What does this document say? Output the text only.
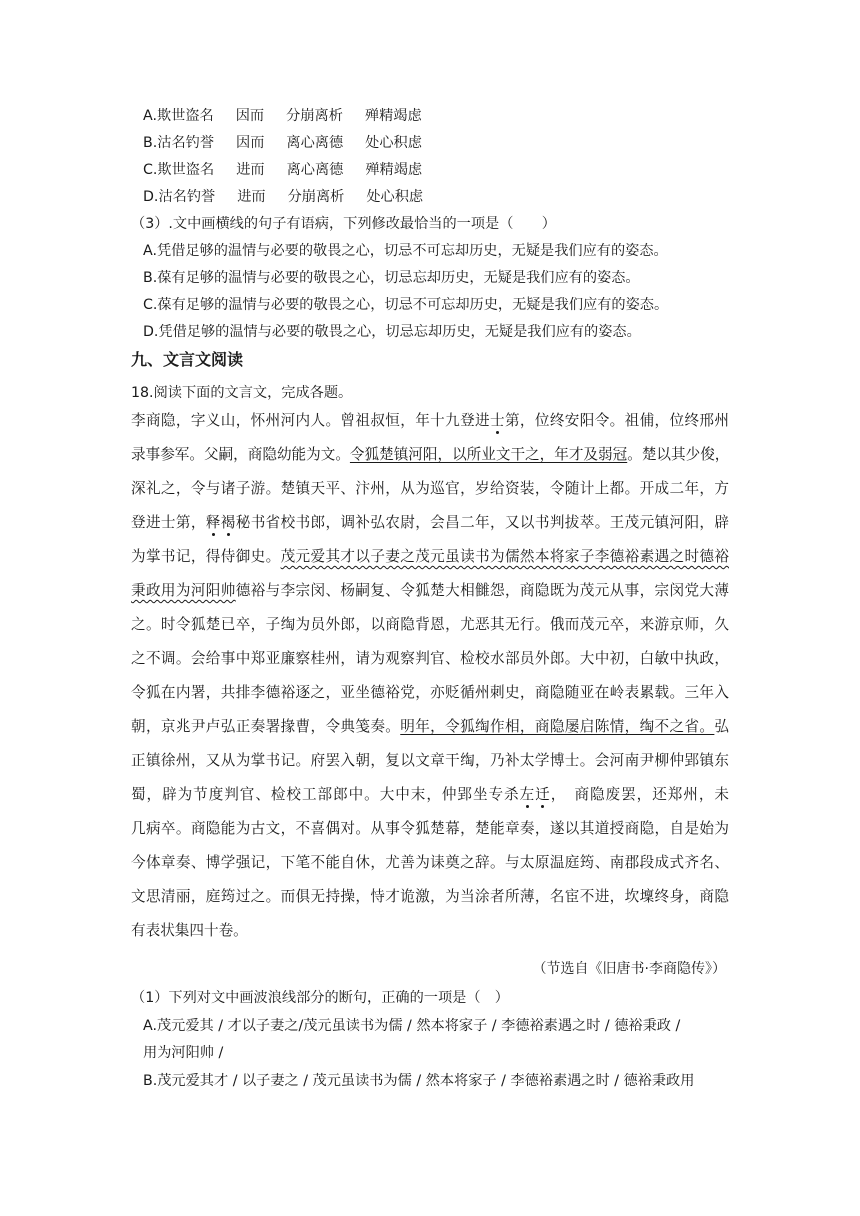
A.欺世盗名 因而 分崩离析 殚精竭虑
B.沽名钓誉 因而 离心离德 处心积虑
C.欺世盗名 进而 离心离德 殚精竭虑
D.沽名钓誉 进而 分崩离析 处心积虑
（3）.文中画横线的句子有语病，下列修改最恰当的一项是（　　）
A.凭借足够的温情与必要的敬畏之心，切忌不可忘却历史，无疑是我们应有的姿态。
B.葆有足够的温情与必要的敬畏之心，切忌忘却历史，无疑是我们应有的姿态。
C.葆有足够的温情与必要的敬畏之心，切忌不可忘却历史，无疑是我们应有的姿态。
D.凭借足够的温情与必要的敬畏之心，切忌忘却历史，无疑是我们应有的姿态。
九、文言文阅读
18.阅读下面的文言文，完成各题。
李商隐，字义山，怀州河内人。曾祖叔恒，年十九登进士第，位终安阳令。祖俌，位终邢州
录事参军。父嗣，商隐幼能为文。令狐楚镇河阳，以所业文干之，年才及弱冠。楚以其少俊，
深礼之，令与诸子游。楚镇天平、汴州，从为巡官，岁给资装，令随计上都。开成二年，方
登进士第，释褐秘书省校书郎，调补弘农尉，会昌二年，又以书判拔萃。王茂元镇河阳，辟
为掌书记，得侍御史。茂元爱其才以子妻之茂元虽读书为儒然本将家子李德裕素遇之时德裕
秉政用为河阳帅德裕与李宗闵、杨嗣复、令狐楚大相雠怨，商隐既为茂元从事，宗闵党大薄
之。时令狐楚已卒，子绹为员外郎，以商隐背恩，尤恶其无行。俄而茂元卒，来游京师，久
之不调。会给事中郑亚廉察桂州，请为观察判官、检校水部员外郎。大中初，白敏中执政，
令狐在内署，共排李德裕逐之，亚坐德裕党，亦贬循州刺史，商隐随亚在岭表累载。三年入
朝，京兆尹卢弘正奏署掾曹，令典笺奏。明年，令狐绹作相，商隐屡启陈情，绹不之省。弘
正镇徐州，又从为掌书记。府罢入朝，复以文章干绹，乃补太学博士。会河南尹柳仲郢镇东
蜀，辟为节度判官、检校工部郎中。大中末，仲郢坐专杀左迁，　商隐废罢，还郑州，未
几病卒。商隐能为古文，不喜偶对。从事令狐楚幕，楚能章奏，遂以其道授商隐，自是始为
今体章奏、博学强记，下笔不能自休，尤善为诔奠之辞。与太原温庭筠、南郡段成式齐名、
文思清丽，庭筠过之。而俱无持操，恃才诡激，为当涂者所薄，名宦不进，坎壈终身，商隐
有表状集四十卷。
（节选自《旧唐书·李商隐传》）
（1）下列对文中画波浪线部分的断句，正确的一项是（　）
A.茂元爱其 / 才以子妻之/茂元虽读书为儒 / 然本将家子 / 李德裕素遇之时 / 德裕秉政 /
用为河阳帅 /
B.茂元爱其才 / 以子妻之 / 茂元虽读书为儒 / 然本将家子 / 李德裕素遇之时 / 德裕秉政用
